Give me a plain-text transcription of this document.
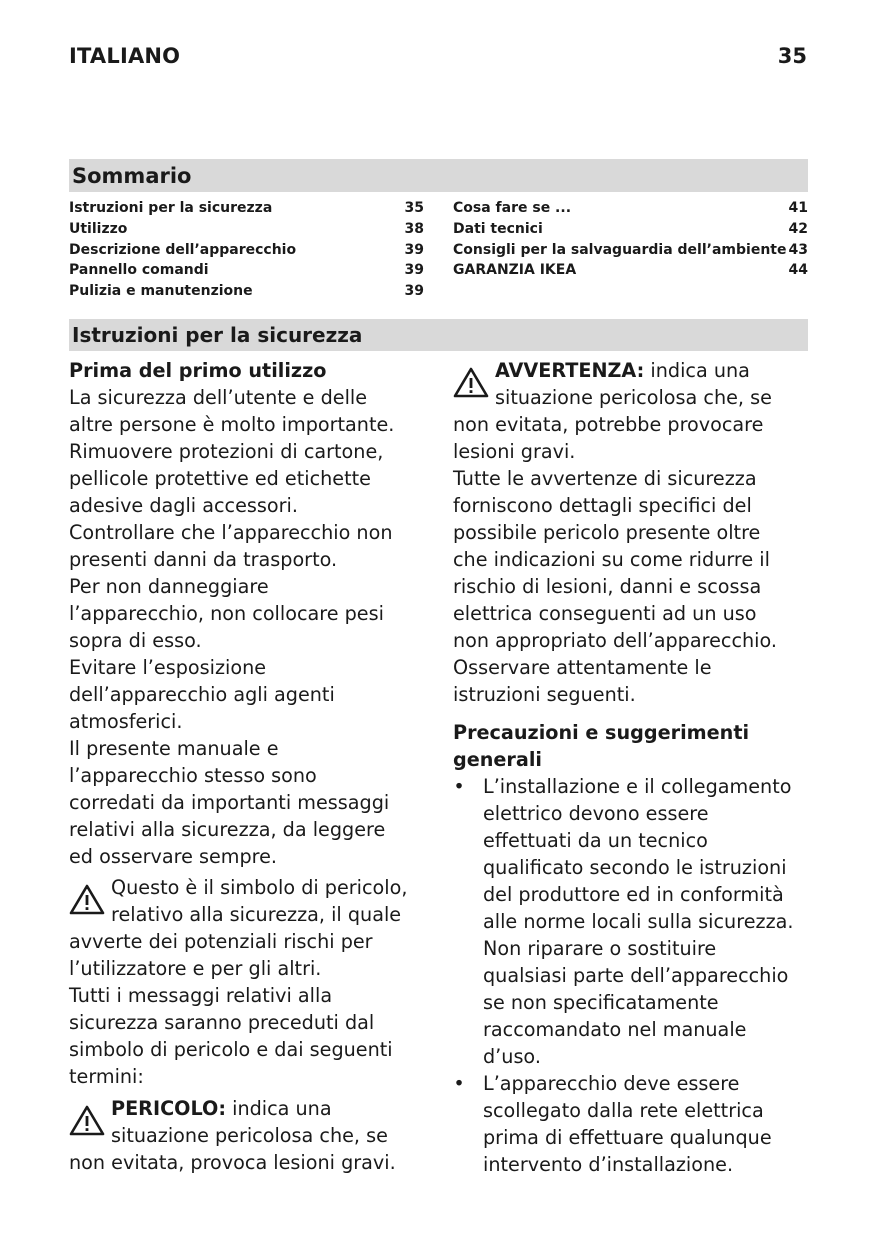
ITALIANO	35
Sommario
Istruzioni per la sicurezza	35
Utilizzo	38
Descrizione dell’apparecchio	39
Pannello comandi	39
Pulizia e manutenzione	39
Cosa fare se ...	41
Dati tecnici	42
Consigli per la salvaguardia dell’ambiente 43
GARANZIA IKEA	44
Istruzioni per la sicurezza

Prima del primo utilizzo

La sicurezza dell’utente e delle

altre persone è molto importante.

Rimuovere protezioni di cartone,

pellicole protettive ed etichette

adesive dagli accessori.

Controllare che l’apparecchio non

presenti danni da trasporto.

Per non danneggiare

l’apparecchio, non collocare pesi

sopra di esso.

Evitare l’esposizione

dell’apparecchio agli agenti

atmosferici.

Il presente manuale e

l’apparecchio stesso sono

corredati da importanti messaggi

relativi alla sicurezza, da leggere

ed osservare sempre.

Questo è il simbolo di pericolo,

relativo alla sicurezza, il quale

avverte dei potenziali rischi per

l’utilizzatore e per gli altri.

Tutti i messaggi relativi alla

sicurezza saranno preceduti dal

simbolo di pericolo e dai seguenti

termini:

PERICOLO: indica una

situazione pericolosa che, se

non evitata, provoca lesioni gravi.

AVVERTENZA: indica una

situazione pericolosa che, se

non evitata, potrebbe provocare

lesioni gravi.

Tutte le avvertenze di sicurezza

forniscono dettagli specifici del

possibile pericolo presente oltre

che indicazioni su come ridurre il

rischio di lesioni, danni e scossa

elettrica conseguenti ad un uso

non appropriato dell’apparecchio.

Osservare attentamente le

istruzioni seguenti.

Precauzioni e suggerimenti

generali

• L’installazione e il collegamento

elettrico devono essere

effettuati da un tecnico

qualificato secondo le istruzioni

del produttore ed in conformità

alle norme locali sulla sicurezza.

Non riparare o sostituire

qualsiasi parte dell’apparecchio

se non specificatamente

raccomandato nel manuale

d’uso.

• L’apparecchio deve essere

scollegato dalla rete elettrica

prima di effettuare qualunque

intervento d’installazione.
